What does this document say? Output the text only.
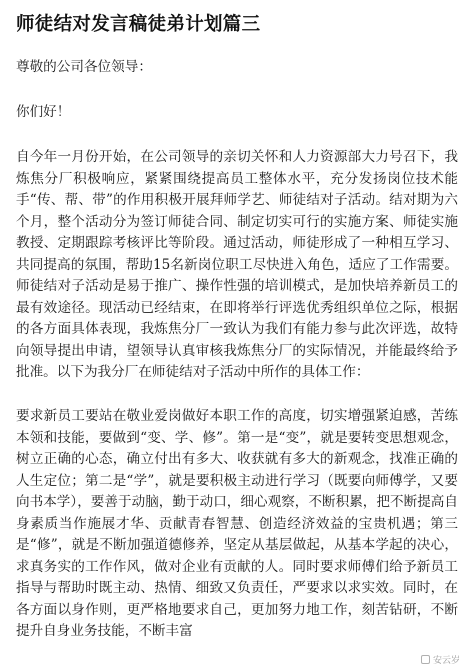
师徒结对发言稿徒弟计划篇三

尊敬的公司各位领导：

你们好！

自今年一月份开始，在公司领导的亲切关怀和人力资源部大力号召下，我炼焦分厂积极响应，紧紧围绕提高员工整体水平，充分发扬岗位技术能手“传、帮、带”的作用积极开展拜师学艺、师徒结对子活动。结对期为六个月，整个活动分为签订师徒合同、制定切实可行的实施方案、师徒实施教授、定期跟踪考核评比等阶段。通过活动，师徒形成了一种相互学习、共同提高的氛围，帮助15名新岗位职工尽快进入角色，适应了工作需要。师徒结对子活动是易于推广、操作性强的培训模式，是加快培养新员工的最有效途径。现活动已经结束，在即将举行评选优秀组织单位之际，根据的各方面具体表现，我炼焦分厂一致认为我们有能力参与此次评选，故特向领导提出申请，望领导认真审核我炼焦分厂的实际情况，并能最终给予批准。以下为我分厂在师徒结对子活动中所作的具体工作：

要求新员工要站在敬业爱岗做好本职工作的高度，切实增强紧迫感，苦练本领和技能，要做到“变、学、修”。第一是“变”，就是要转变思想观念，树立正确的心态，确立付出有多大、收获就有多大的新观念，找准正确的人生定位；第二是“学”，就是要积极主动进行学习（既要向师傅学，又要向书本学），要善于动脑，勤于动口，细心观察，不断积累，把不断提高自身素质当作施展才华、贡献青春智慧、创造经济效益的宝贵机遇；第三是“修”，就是不断加强道德修养，坚定从基层做起，从基本学起的决心，求真务实的工作作风，做对企业有贡献的人。同时要求师傅们给予新员工指导与帮助时既主动、热情、细致又负责任，严要求以求实效。同时，在各方面以身作则，更严格地要求自己，更加努力地工作，刻苦钻研，不断提升自身业务技能，不断丰富

安云岁
